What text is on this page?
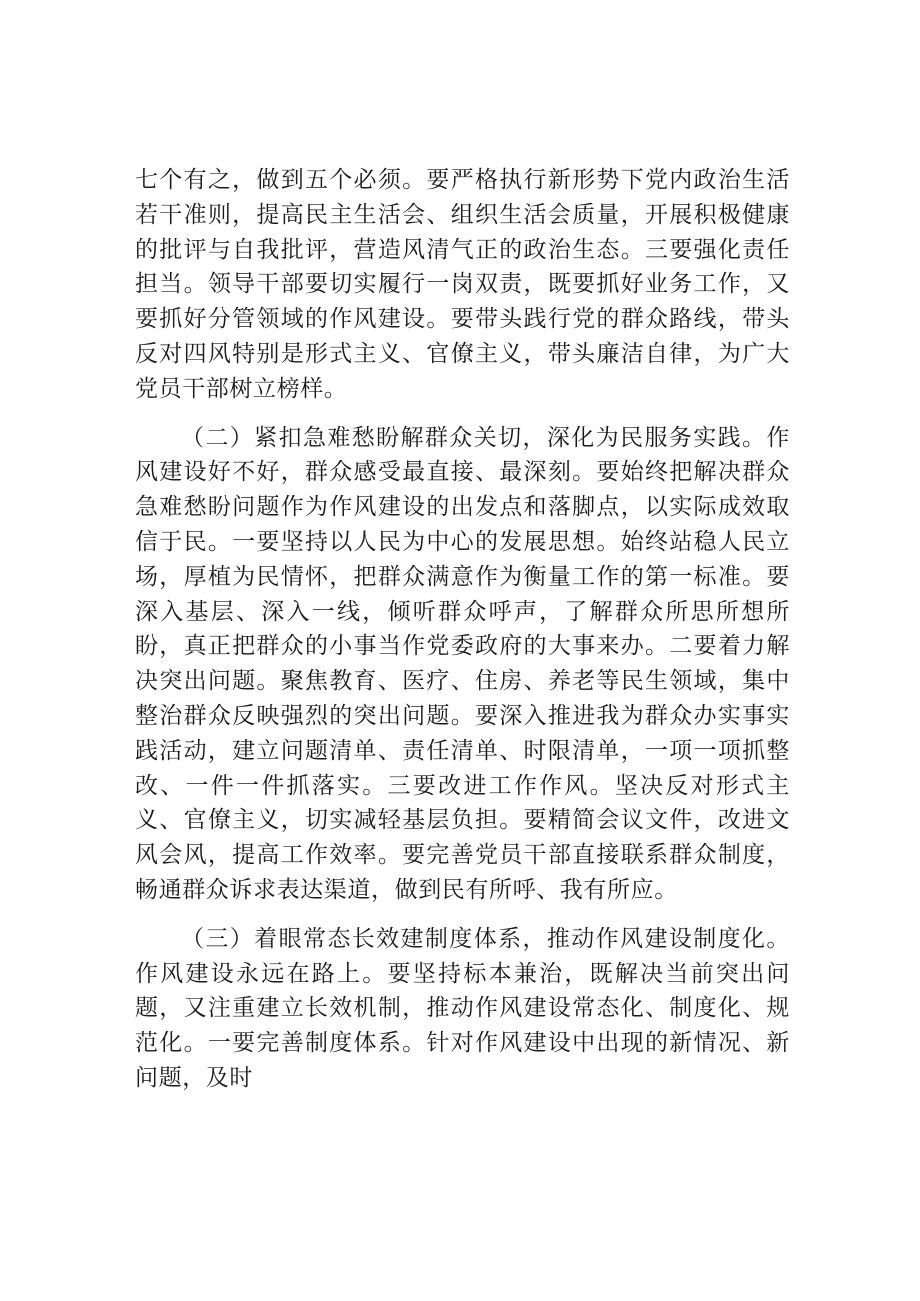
七个有之，做到五个必须。要严格执行新形势下党内政治生活若干准则，提高民主生活会、组织生活会质量，开展积极健康的批评与自我批评，营造风清气正的政治生态。三要强化责任担当。领导干部要切实履行一岗双责，既要抓好业务工作，又要抓好分管领域的作风建设。要带头践行党的群众路线，带头反对四风特别是形式主义、官僚主义，带头廉洁自律，为广大党员干部树立榜样。

（二）紧扣急难愁盼解群众关切，深化为民服务实践。作风建设好不好，群众感受最直接、最深刻。要始终把解决群众急难愁盼问题作为作风建设的出发点和落脚点，以实际成效取信于民。一要坚持以人民为中心的发展思想。始终站稳人民立场，厚植为民情怀，把群众满意作为衡量工作的第一标准。要深入基层、深入一线，倾听群众呼声，了解群众所思所想所盼，真正把群众的小事当作党委政府的大事来办。二要着力解决突出问题。聚焦教育、医疗、住房、养老等民生领域，集中整治群众反映强烈的突出问题。要深入推进我为群众办实事实践活动，建立问题清单、责任清单、时限清单，一项一项抓整改、一件一件抓落实。三要改进工作作风。坚决反对形式主义、官僚主义，切实减轻基层负担。要精简会议文件，改进文风会风，提高工作效率。要完善党员干部直接联系群众制度，畅通群众诉求表达渠道，做到民有所呼、我有所应。

（三）着眼常态长效建制度体系，推动作风建设制度化。作风建设永远在路上。要坚持标本兼治，既解决当前突出问题，又注重建立长效机制，推动作风建设常态化、制度化、规范化。一要完善制度体系。针对作风建设中出现的新情况、新问题，及时
